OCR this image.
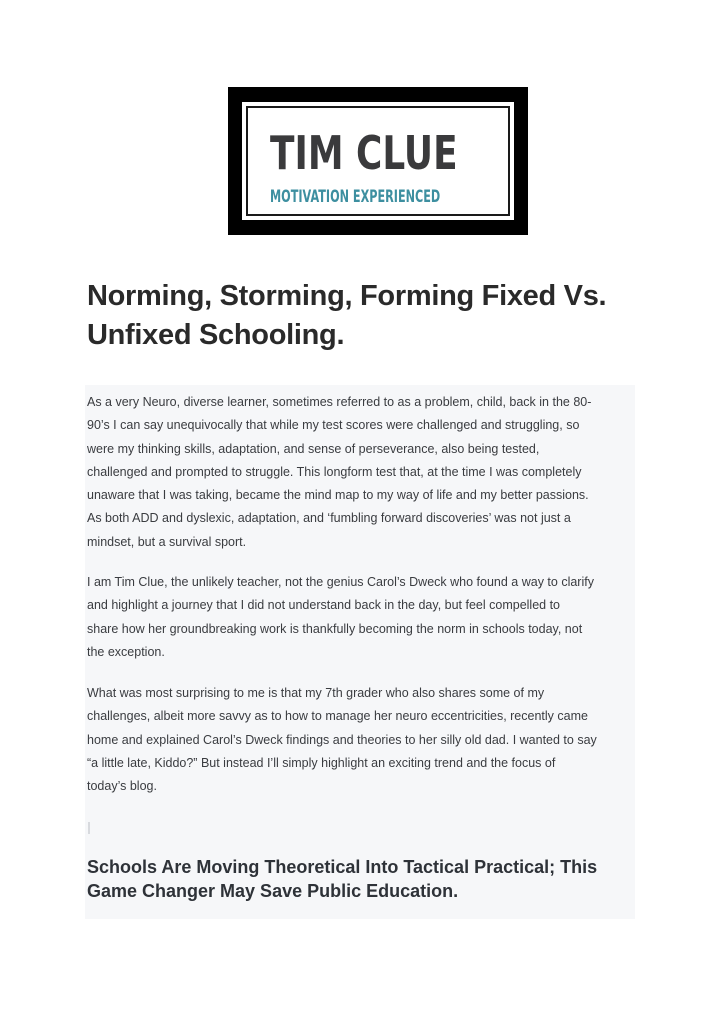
TIM CLUE
MOTIVATION EXPERIENCED
Norming, Storming, Forming Fixed Vs. Unfixed Schooling.
As a very Neuro, diverse learner, sometimes referred to as a problem, child, back in the 80-
90’s I can say unequivocally that while my test scores were challenged and struggling, so
were my thinking skills, adaptation, and sense of perseverance, also being tested,
challenged and prompted to struggle. This longform test that, at the time I was completely
unaware that I was taking, became the mind map to my way of life and my better passions.
As both ADD and dyslexic, adaptation, and ‘fumbling forward discoveries’ was not just a
mindset, but a survival sport.
I am Tim Clue, the unlikely teacher, not the genius Carol’s Dweck who found a way to clarify
and highlight a journey that I did not understand back in the day, but feel compelled to
share how her groundbreaking work is thankfully becoming the norm in schools today, not
the exception.
What was most surprising to me is that my 7th grader who also shares some of my
challenges, albeit more savvy as to how to manage her neuro eccentricities, recently came
home and explained Carol’s Dweck findings and theories to her silly old dad. I wanted to say
“a little late, Kiddo?” But instead I’ll simply highlight an exciting trend and the focus of
today’s blog.
Schools Are Moving Theoretical Into Tactical Practical; This
Game Changer May Save Public Education.
